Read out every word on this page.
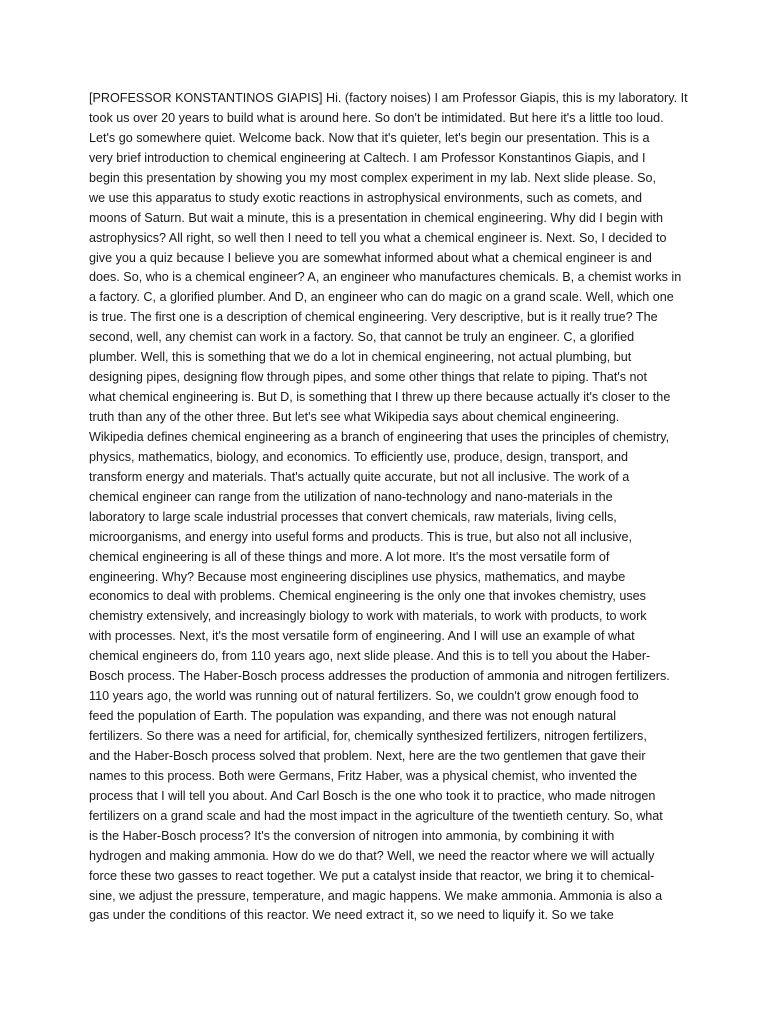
[PROFESSOR KONSTANTINOS GIAPIS] Hi. (factory noises) I am Professor Giapis, this is my laboratory. It
took us over 20 years to build what is around here. So don't be intimidated. But here it's a little too loud.
Let's go somewhere quiet. Welcome back. Now that it's quieter, let's begin our presentation. This is a
very brief introduction to chemical engineering at Caltech. I am Professor Konstantinos Giapis, and I
begin this presentation by showing you my most complex experiment in my lab. Next slide please. So,
we use this apparatus to study exotic reactions in astrophysical environments, such as comets, and
moons of Saturn. But wait a minute, this is a presentation in chemical engineering. Why did I begin with
astrophysics? All right, so well then I need to tell you what a chemical engineer is. Next. So, I decided to
give you a quiz because I believe you are somewhat informed about what a chemical engineer is and
does. So, who is a chemical engineer? A, an engineer who manufactures chemicals. B, a chemist works in
a factory. C, a glorified plumber. And D, an engineer who can do magic on a grand scale. Well, which one
is true. The first one is a description of chemical engineering. Very descriptive, but is it really true? The
second, well, any chemist can work in a factory. So, that cannot be truly an engineer. C, a glorified
plumber. Well, this is something that we do a lot in chemical engineering, not actual plumbing, but
designing pipes, designing flow through pipes, and some other things that relate to piping. That's not
what chemical engineering is. But D, is something that I threw up there because actually it's closer to the
truth than any of the other three. But let's see what Wikipedia says about chemical engineering.
Wikipedia defines chemical engineering as a branch of engineering that uses the principles of chemistry,
physics, mathematics, biology, and economics. To efficiently use, produce, design, transport, and
transform energy and materials. That's actually quite accurate, but not all inclusive. The work of a
chemical engineer can range from the utilization of nano-technology and nano-materials in the
laboratory to large scale industrial processes that convert chemicals, raw materials, living cells,
microorganisms, and energy into useful forms and products. This is true, but also not all inclusive,
chemical engineering is all of these things and more. A lot more. It's the most versatile form of
engineering. Why? Because most engineering disciplines use physics, mathematics, and maybe
economics to deal with problems. Chemical engineering is the only one that invokes chemistry, uses
chemistry extensively, and increasingly biology to work with materials, to work with products, to work
with processes. Next, it's the most versatile form of engineering. And I will use an example of what
chemical engineers do, from 110 years ago, next slide please. And this is to tell you about the Haber-
Bosch process. The Haber-Bosch process addresses the production of ammonia and nitrogen fertilizers.
110 years ago, the world was running out of natural fertilizers. So, we couldn't grow enough food to
feed the population of Earth. The population was expanding, and there was not enough natural
fertilizers. So there was a need for artificial, for, chemically synthesized fertilizers, nitrogen fertilizers,
and the Haber-Bosch process solved that problem. Next, here are the two gentlemen that gave their
names to this process. Both were Germans, Fritz Haber, was a physical chemist, who invented the
process that I will tell you about. And Carl Bosch is the one who took it to practice, who made nitrogen
fertilizers on a grand scale and had the most impact in the agriculture of the twentieth century. So, what
is the Haber-Bosch process? It's the conversion of nitrogen into ammonia, by combining it with
hydrogen and making ammonia. How do we do that? Well, we need the reactor where we will actually
force these two gasses to react together. We put a catalyst inside that reactor, we bring it to chemical-
sine, we adjust the pressure, temperature, and magic happens. We make ammonia. Ammonia is also a
gas under the conditions of this reactor. We need extract it, so we need to liquify it. So we take
